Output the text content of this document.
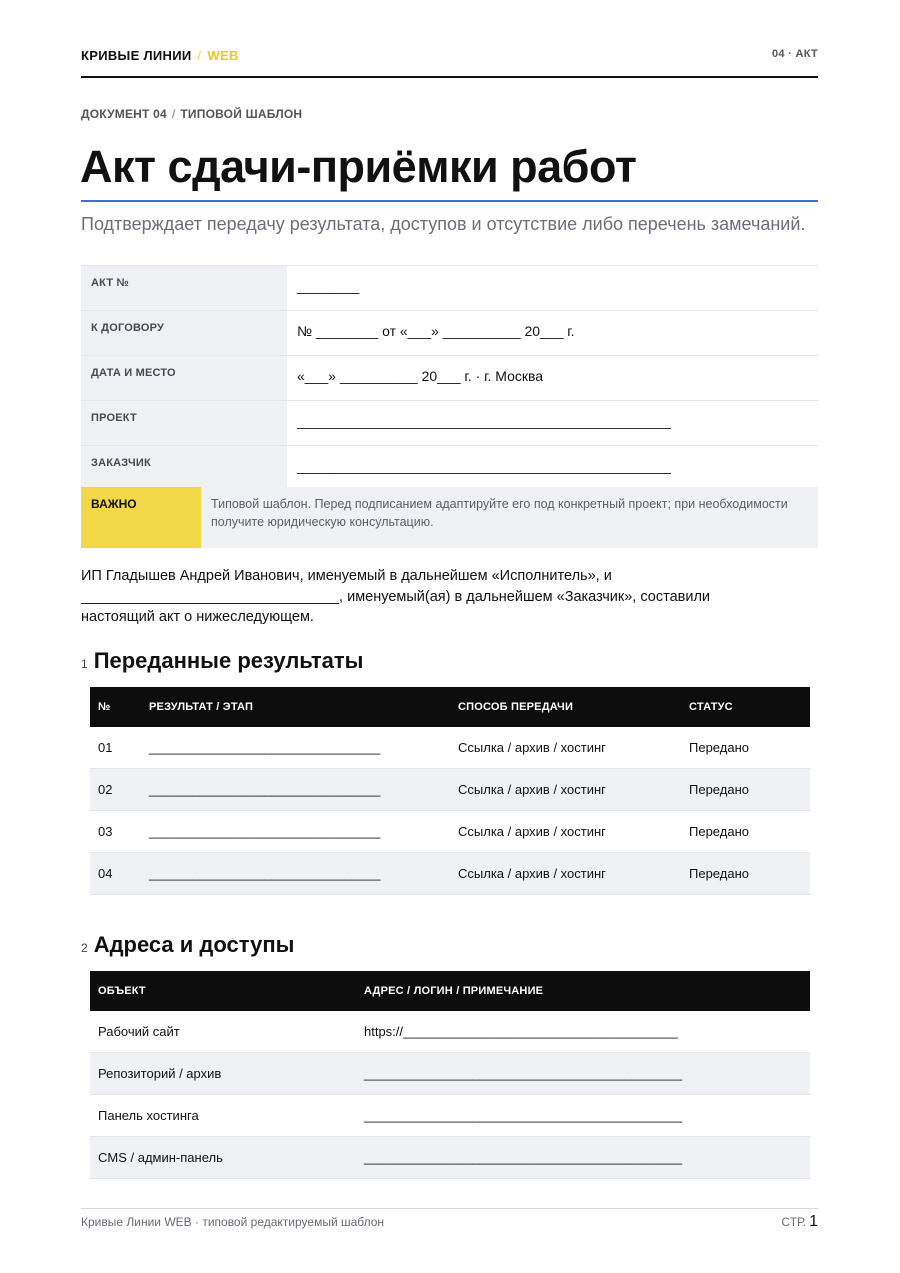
КРИВЫЕ ЛИНИИ / WEB	04 · АКТ
ДОКУМЕНТ 04 / ТИПОВОЙ ШАБЛОН
Акт сдачи-приёмки работ
Подтверждает передачу результата, доступов и отсутствие либо перечень замечаний.
АКТ №	________
К ДОГОВОРУ	№ ________ от «___» __________ 20___ г.
ДАТА И МЕСТО	«___» __________ 20___ г. · г. Москва
ПРОЕКТ	________________________________________________
ЗАКАЗЧИК	________________________________________________
ВАЖНО	Типовой шаблон. Перед подписанием адаптируйте его под конкретный проект; при необходимости получите юридическую консультацию.

ИП Гладышев Андрей Иванович, именуемый в дальнейшем «Исполнитель», и ________________________________, именуемый(ая) в дальнейшем «Заказчик», составили настоящий акт о нижеследующем.

1 Переданные результаты
№	РЕЗУЛЬТАТ / ЭТАП	СПОСОБ ПЕРЕДАЧИ	СТАТУС
01	________________________________	Ссылка / архив / хостинг	Передано
02	________________________________	Ссылка / архив / хостинг	Передано
03	________________________________	Ссылка / архив / хостинг	Передано
04	________________________________	Ссылка / архив / хостинг	Передано
2 Адреса и доступы
ОБЪЕКТ	АДРЕС / ЛОГИН / ПРИМЕЧАНИЕ
Рабочий сайт	https://______________________________________
Репозиторий / архив	____________________________________________
Панель хостинга	____________________________________________
CMS / админ-панель	____________________________________________
Кривые Линии WEB · типовой редактируемый шаблон	СТР. 1
